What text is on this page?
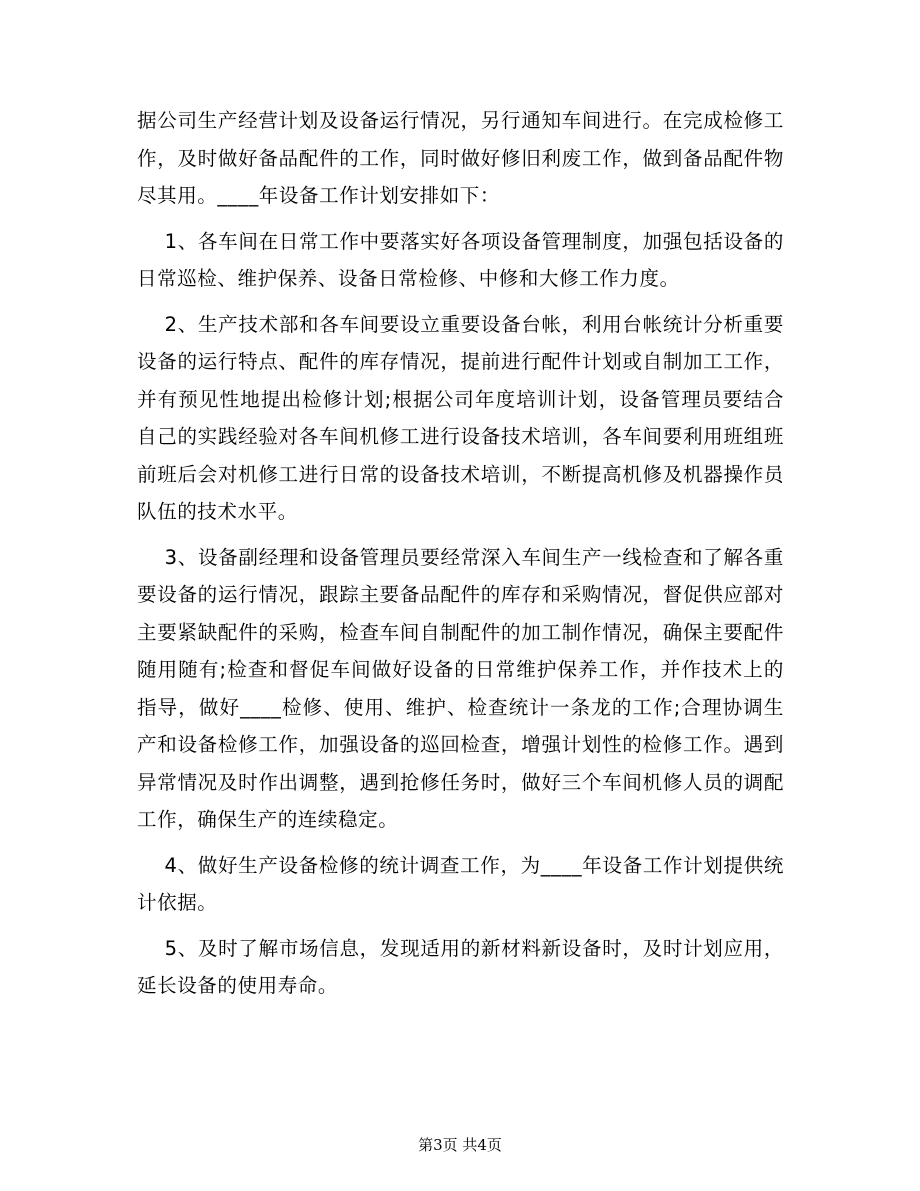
据公司生产经营计划及设备运行情况，另行通知车间进行。在完成检修工作，及时做好备品配件的工作，同时做好修旧利废工作，做到备品配件物尽其用。____年设备工作计划安排如下：

1、各车间在日常工作中要落实好各项设备管理制度，加强包括设备的日常巡检、维护保养、设备日常检修、中修和大修工作力度。

2、生产技术部和各车间要设立重要设备台帐，利用台帐统计分析重要设备的运行特点、配件的库存情况，提前进行配件计划或自制加工工作，并有预见性地提出检修计划;根据公司年度培训计划，设备管理员要结合自己的实践经验对各车间机修工进行设备技术培训，各车间要利用班组班前班后会对机修工进行日常的设备技术培训，不断提高机修及机器操作员队伍的技术水平。

3、设备副经理和设备管理员要经常深入车间生产一线检查和了解各重要设备的运行情况，跟踪主要备品配件的库存和采购情况，督促供应部对主要紧缺配件的采购，检查车间自制配件的加工制作情况，确保主要配件随用随有;检查和督促车间做好设备的日常维护保养工作，并作技术上的指导，做好____检修、使用、维护、检查统计一条龙的工作;合理协调生产和设备检修工作，加强设备的巡回检查，增强计划性的检修工作。遇到异常情况及时作出调整，遇到抢修任务时，做好三个车间机修人员的调配工作，确保生产的连续稳定。

4、做好生产设备检修的统计调查工作，为____年设备工作计划提供统计依据。

5、及时了解市场信息，发现适用的新材料新设备时，及时计划应用，延长设备的使用寿命。

第3页 共4页
